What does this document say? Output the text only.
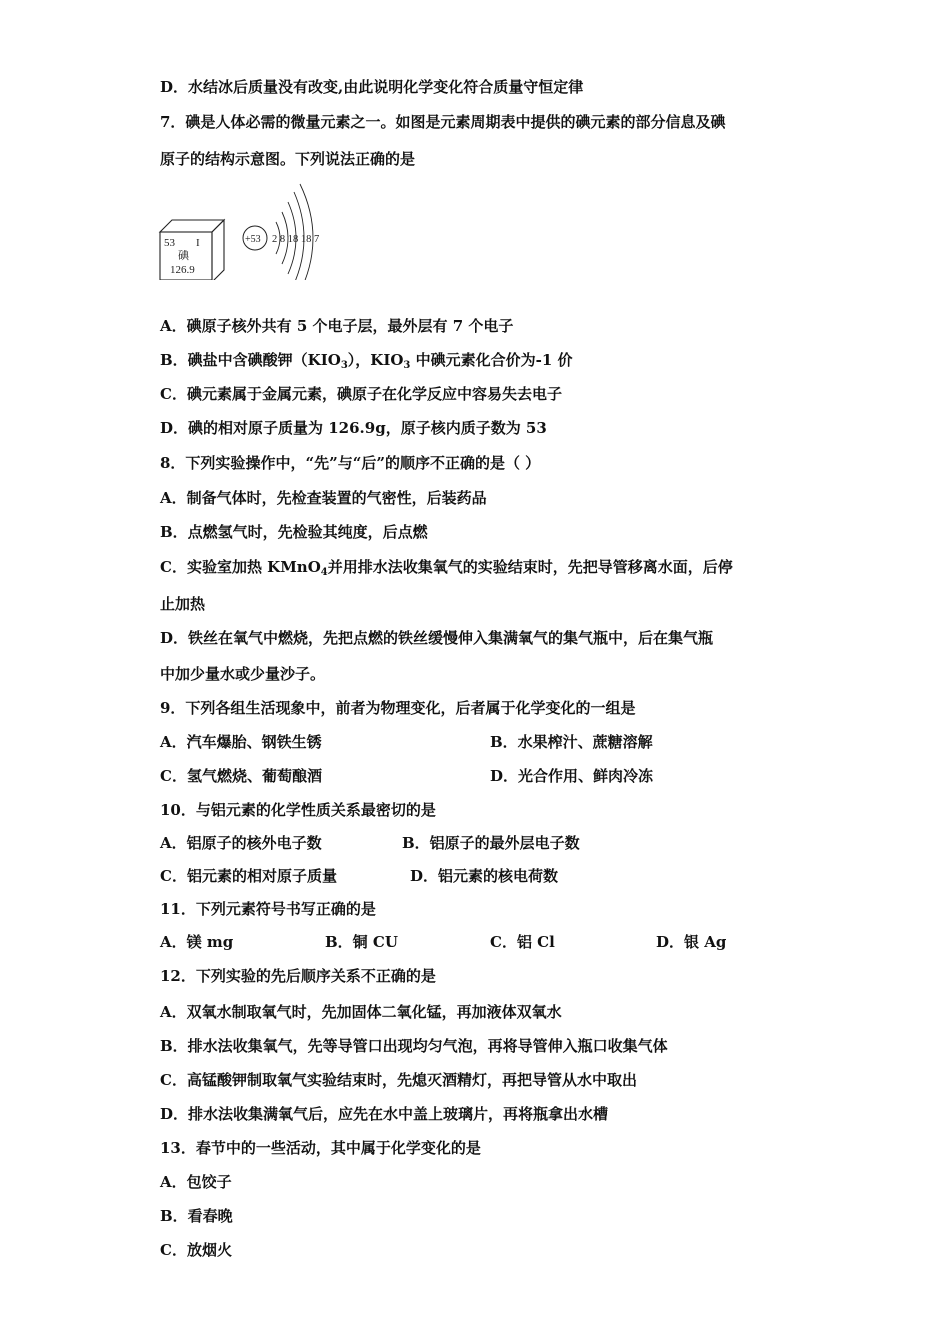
D．水结冰后质量没有改变,由此说明化学变化符合质量守恒定律
7．碘是人体必需的微量元素之一。如图是元素周期表中提供的碘元素的部分信息及碘
原子的结构示意图。下列说法正确的是
53 I
碘
126.9
+53 2 8 18 18 7
A．碘原子核外共有 5 个电子层，最外层有 7 个电子
B．碘盐中含碘酸钾$(KIO_3)$，$KIO_3$ 中碘元素化合价为-1 价
C．碘元素属于金属元素，碘原子在化学反应中容易失去电子
D．碘的相对原子质量为 126.9g，原子核内质子数为 53
8．下列实验操作中，“先”与“后”的顺序不正确的是（ ）
A．制备气体时，先检查装置的气密性，后装药品
B．点燃氢气时，先检验其纯度，后点燃
C．实验室加热 KMnO$_4$并用排水法收集氧气的实验结束时，先把导管移离水面，后停
止加热
D．铁丝在氧气中燃烧，先把点燃的铁丝缓慢伸入集满氧气的集气瓶中，后在集气瓶
中加少量水或少量沙子。
9．下列各组生活现象中，前者为物理变化，后者属于化学变化的一组是
A．汽车爆胎、钢铁生锈	B．水果榨汁、蔗糖溶解
C．氢气燃烧、葡萄酿酒	D．光合作用、鲜肉冷冻
10．与铝元素的化学性质关系最密切的是
A．铝原子的核外电子数	B．铝原子的最外层电子数
C．铝元素的相对原子质量	D．铝元素的核电荷数
11．下列元素符号书写正确的是
A．镁 mg	B．铜 CU	C．铝 Cl	D．银 Ag
12．下列实验的先后顺序关系不正确的是
A．双氧水制取氧气时，先加固体二氧化锰，再加液体双氧水
B．排水法收集氧气，先等导管口出现均匀气泡，再将导管伸入瓶口收集气体
C．高锰酸钾制取氧气实验结束时，先熄灭酒精灯，再把导管从水中取出
D．排水法收集满氧气后，应先在水中盖上玻璃片，再将瓶拿出水槽
13．春节中的一些活动，其中属于化学变化的是
A．包饺子
B．看春晚
C．放烟火
